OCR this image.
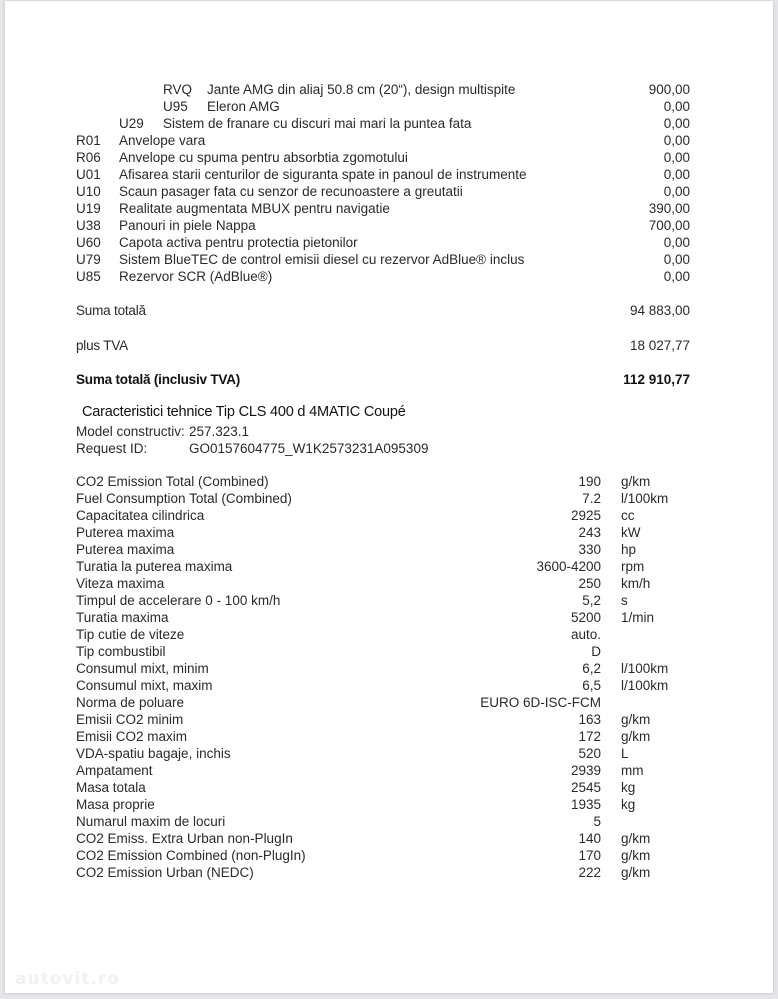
RVQ Jante AMG din aliaj 50.8 cm (20“), design multispite	900,00
U95 Eleron AMG	0,00
U29 Sistem de franare cu discuri mai mari la puntea fata	0,00
R01 Anvelope vara	0,00
R06 Anvelope cu spuma pentru absorbtia zgomotului	0,00
U01 Afisarea starii centurilor de siguranta spate in panoul de instrumente	0,00
U10 Scaun pasager fata cu senzor de recunoastere a greutatii	0,00
U19 Realitate augmentata MBUX pentru navigatie	390,00
U38 Panouri in piele Nappa	700,00
U60 Capota activa pentru protectia pietonilor	0,00
U79 Sistem BlueTEC de control emisii diesel cu rezervor AdBlue® inclus	0,00
U85 Rezervor SCR (AdBlue®)	0,00
Suma totală	94 883,00
plus TVA	18 027,77
Suma totală (inclusiv TVA)	112 910,77
Caracteristici tehnice Tip CLS 400 d 4MATIC Coupé
Model constructiv: 257.323.1
Request ID:	GO0157604775_W1K2573231A095309
CO2 Emission Total (Combined)	190 g/km
Fuel Consumption Total (Combined)	7.2 l/100km
Capacitatea cilindrica	2925 cc
Puterea maxima	243 kW
Puterea maxima	330 hp
Turatia la puterea maxima	3600-4200 rpm
Viteza maxima	250 km/h
Timpul de accelerare 0 - 100 km/h	5,2 s
Turatia maxima	5200 1/min
Tip cutie de viteze	auto.
Tip combustibil	D
Consumul mixt, minim	6,2 l/100km
Consumul mixt, maxim	6,5 l/100km
Norma de poluare	EURO 6D-ISC-FCM
Emisii CO2 minim	163 g/km
Emisii CO2 maxim	172 g/km
VDA-spatiu bagaje, inchis	520 L
Ampatament	2939 mm
Masa totala	2545 kg
Masa proprie	1935 kg
Numarul maxim de locuri	5
CO2 Emiss. Extra Urban non-PlugIn	140 g/km
CO2 Emission Combined (non-PlugIn)	170 g/km
CO2 Emission Urban (NEDC)	222 g/km
autovit.ro
